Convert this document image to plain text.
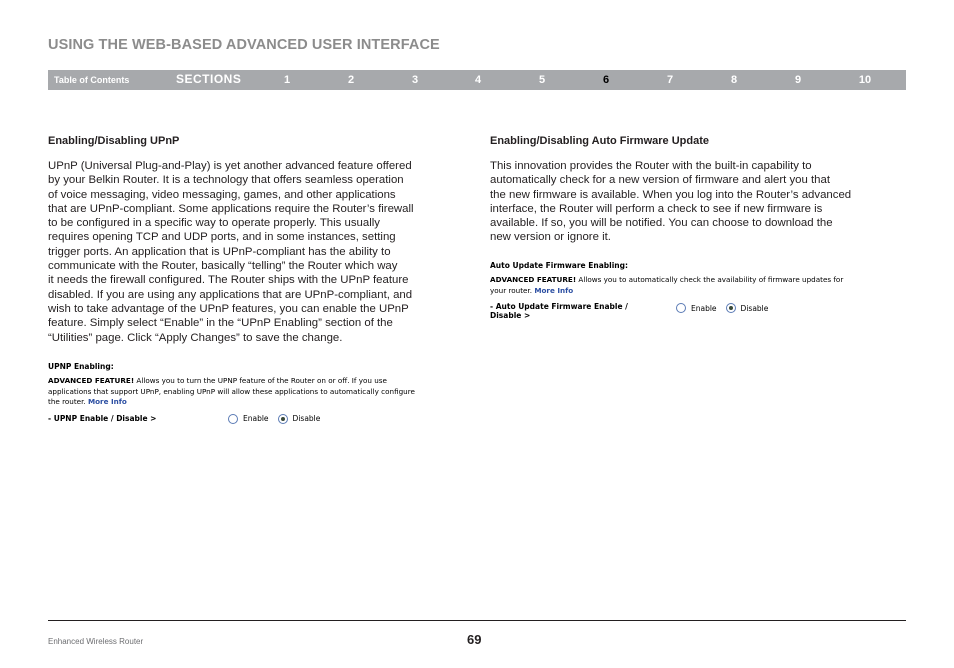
USING THE WEB-BASED ADVANCED USER INTERFACE
Table of Contents	SECTIONS	1	2	3	4	5	6	7	8	9	10
Enabling/Disabling UPnP

UPnP (Universal Plug-and-Play) is yet another advanced feature offered
by your Belkin Router. It is a technology that offers seamless operation
of voice messaging, video messaging, games, and other applications
that are UPnP-compliant. Some applications require the Router’s firewall
to be configured in a specific way to operate properly. This usually
requires opening TCP and UDP ports, and in some instances, setting
trigger ports. An application that is UPnP-compliant has the ability to
communicate with the Router, basically “telling” the Router which way
it needs the firewall configured. The Router ships with the UPnP feature
disabled. If you are using any applications that are UPnP-compliant, and
wish to take advantage of the UPnP features, you can enable the UPnP
feature. Simply select “Enable” in the “UPnP Enabling” section of the
“Utilities” page. Click “Apply Changes” to save the change.

UPNP Enabling:
ADVANCED FEATURE! Allows you to turn the UPNP feature of the Router on or off. If you use
applications that support UPnP, enabling UPnP will allow these applications to automatically configure
the router. More Info
- UPNP Enable / Disable >	Enable	Disable
Enabling/Disabling Auto Firmware Update

This innovation provides the Router with the built-in capability to
automatically check for a new version of firmware and alert you that
the new firmware is available. When you log into the Router’s advanced
interface, the Router will perform a check to see if new firmware is
available. If so, you will be notified. You can choose to download the
new version or ignore it.

Auto Update Firmware Enabling:
ADVANCED FEATURE! Allows you to automatically check the availability of firmware updates for
your router. More Info
- Auto Update Firmware Enable /
Disable >
Enable	Disable
Enhanced Wireless Router	69
